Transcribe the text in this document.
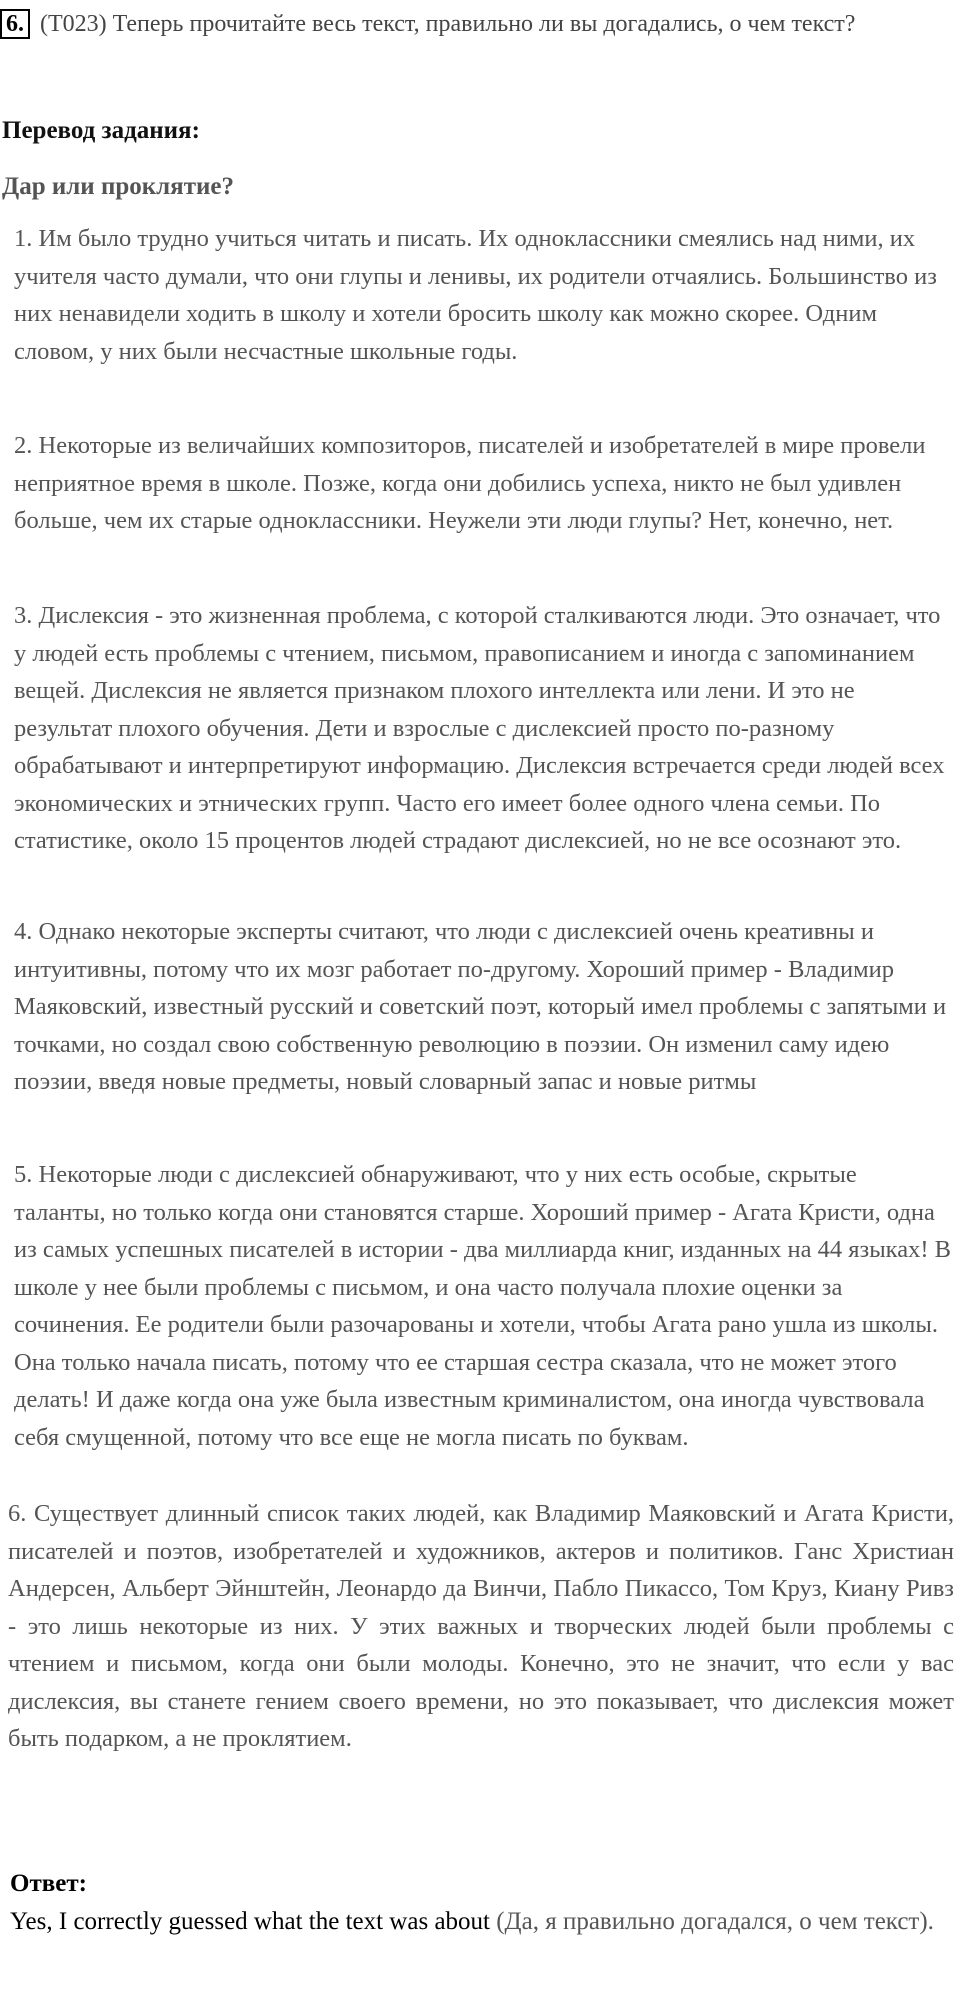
6. (T023) Теперь прочитайте весь текст, правильно ли вы догадались, о чем текст?
Перевод задания:
Дар или проклятие?

1. Им было трудно учиться читать и писать. Их одноклассники смеялись над ними, их учителя часто думали, что они глупы и ленивы, их родители отчаялись. Большинство из них ненавидели ходить в школу и хотели бросить школу как можно скорее. Одним словом, у них были несчастные школьные годы.

2. Некоторые из величайших композиторов, писателей и изобретателей в мире провели неприятное время в школе. Позже, когда они добились успеха, никто не был удивлен больше, чем их старые одноклассники. Неужели эти люди глупы? Нет, конечно, нет.

3. Дислексия - это жизненная проблема, с которой сталкиваются люди. Это означает, что у людей есть проблемы с чтением, письмом, правописанием и иногда с запоминанием вещей. Дислексия не является признаком плохого интеллекта или лени. И это не результат плохого обучения. Дети и взрослые с дислексией просто по-разному обрабатывают и интерпретируют информацию. Дислексия встречается среди людей всех экономических и этнических групп. Часто его имеет более одного члена семьи. По статистике, около 15 процентов людей страдают дислексией, но не все осознают это.

4. Однако некоторые эксперты считают, что люди с дислексией очень креативны и интуитивны, потому что их мозг работает по-другому. Хороший пример - Владимир Маяковский, известный русский и советский поэт, который имел проблемы с запятыми и точками, но создал свою собственную революцию в поэзии. Он изменил саму идею поэзии, введя новые предметы, новый словарный запас и новые ритмы

5. Некоторые люди с дислексией обнаруживают, что у них есть особые, скрытые таланты, но только когда они становятся старше. Хороший пример - Агата Кристи, одна из самых успешных писателей в истории - два миллиарда книг, изданных на 44 языках! В школе у нее были проблемы с письмом, и она часто получала плохие оценки за сочинения. Ее родители были разочарованы и хотели, чтобы Агата рано ушла из школы. Она только начала писать, потому что ее старшая сестра сказала, что не может этого делать! И даже когда она уже была известным криминалистом, она иногда чувствовала себя смущенной, потому что все еще не могла писать по буквам.

6. Существует длинный список таких людей, как Владимир Маяковский и Агата Кристи, писателей и поэтов, изобретателей и художников, актеров и политиков. Ганс Христиан Андерсен, Альберт Эйнштейн, Леонардо да Винчи, Пабло Пикассо, Том Круз, Киану Ривз - это лишь некоторые из них. У этих важных и творческих людей были проблемы с чтением и письмом, когда они были молоды. Конечно, это не значит, что если у вас дислексия, вы станете гением своего времени, но это показывает, что дислексия может быть подарком, а не проклятием.

Ответ:

Yes, I correctly guessed what the text was about (Да, я правильно догадался, о чем текст).
